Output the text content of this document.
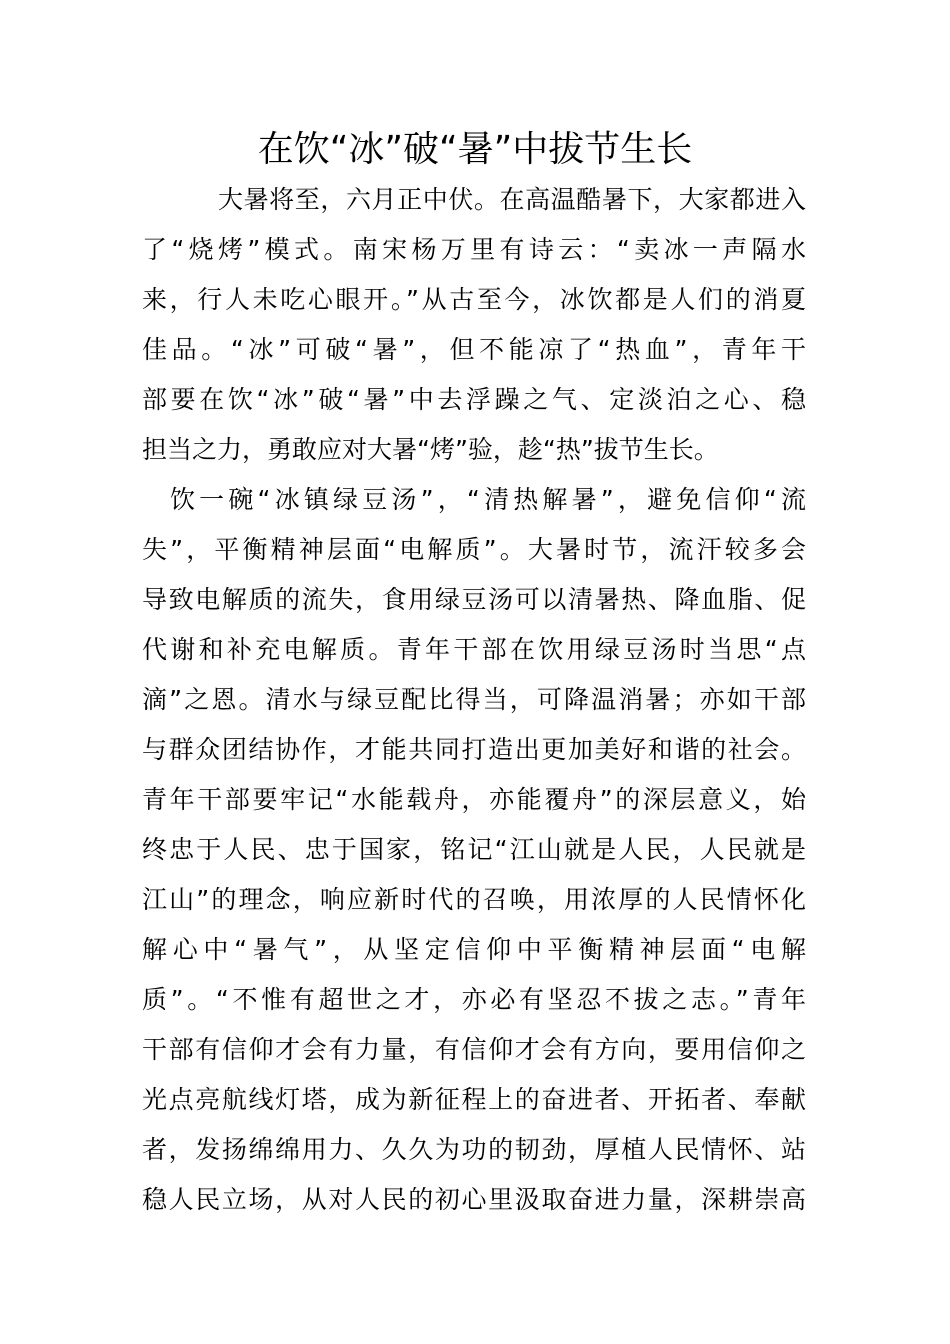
在饮“冰”破“暑”中拔节生长
大暑将至，六月正中伏。在高温酷暑下，大家都进入
了“烧烤”模式。南宋杨万里有诗云：“卖冰一声隔水
来，行人未吃心眼开。”从古至今，冰饮都是人们的消夏
佳品。“冰”可破“暑”，但不能凉了“热血”，青年干
部要在饮“冰”破“暑”中去浮躁之气、定淡泊之心、稳
担当之力，勇敢应对大暑“烤”验，趁“热”拔节生长。
饮一碗“冰镇绿豆汤”，“清热解暑”，避免信仰“流
失”，平衡精神层面“电解质”。大暑时节，流汗较多会
导致电解质的流失，食用绿豆汤可以清暑热、降血脂、促
代谢和补充电解质。青年干部在饮用绿豆汤时当思“点
滴”之恩。清水与绿豆配比得当，可降温消暑；亦如干部
与群众团结协作，才能共同打造出更加美好和谐的社会。
青年干部要牢记“水能载舟，亦能覆舟”的深层意义，始
终忠于人民、忠于国家，铭记“江山就是人民，人民就是
江山”的理念，响应新时代的召唤，用浓厚的人民情怀化
解心中“暑气”，从坚定信仰中平衡精神层面“电解
质”。“不惟有超世之才，亦必有坚忍不拔之志。”青年
干部有信仰才会有力量，有信仰才会有方向，要用信仰之
光点亮航线灯塔，成为新征程上的奋进者、开拓者、奉献
者，发扬绵绵用力、久久为功的韧劲，厚植人民情怀、站
稳人民立场，从对人民的初心里汲取奋进力量，深耕崇高
